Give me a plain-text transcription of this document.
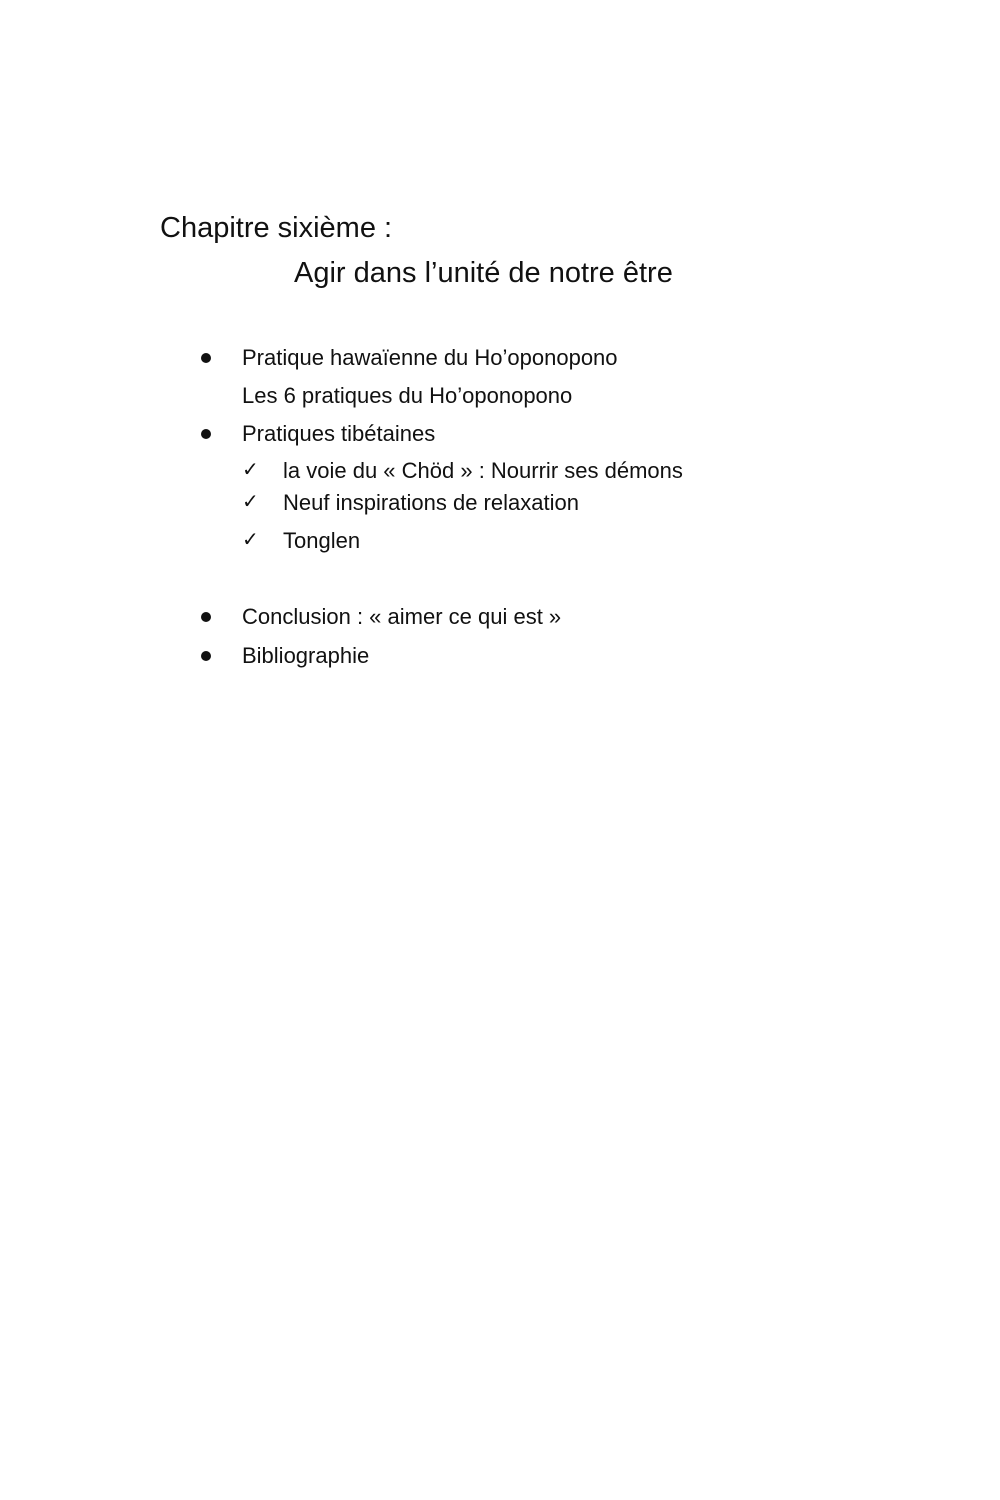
Chapitre sixième :
Agir dans l’unité de notre être
Pratique hawaïenne du Ho’oponopono
Les 6 pratiques du Ho’oponopono
Pratiques tibétaines
✓ la voie du « Chöd » : Nourrir ses démons
✓ Neuf inspirations de relaxation
✓ Tonglen
Conclusion : « aimer ce qui est »
Bibliographie
